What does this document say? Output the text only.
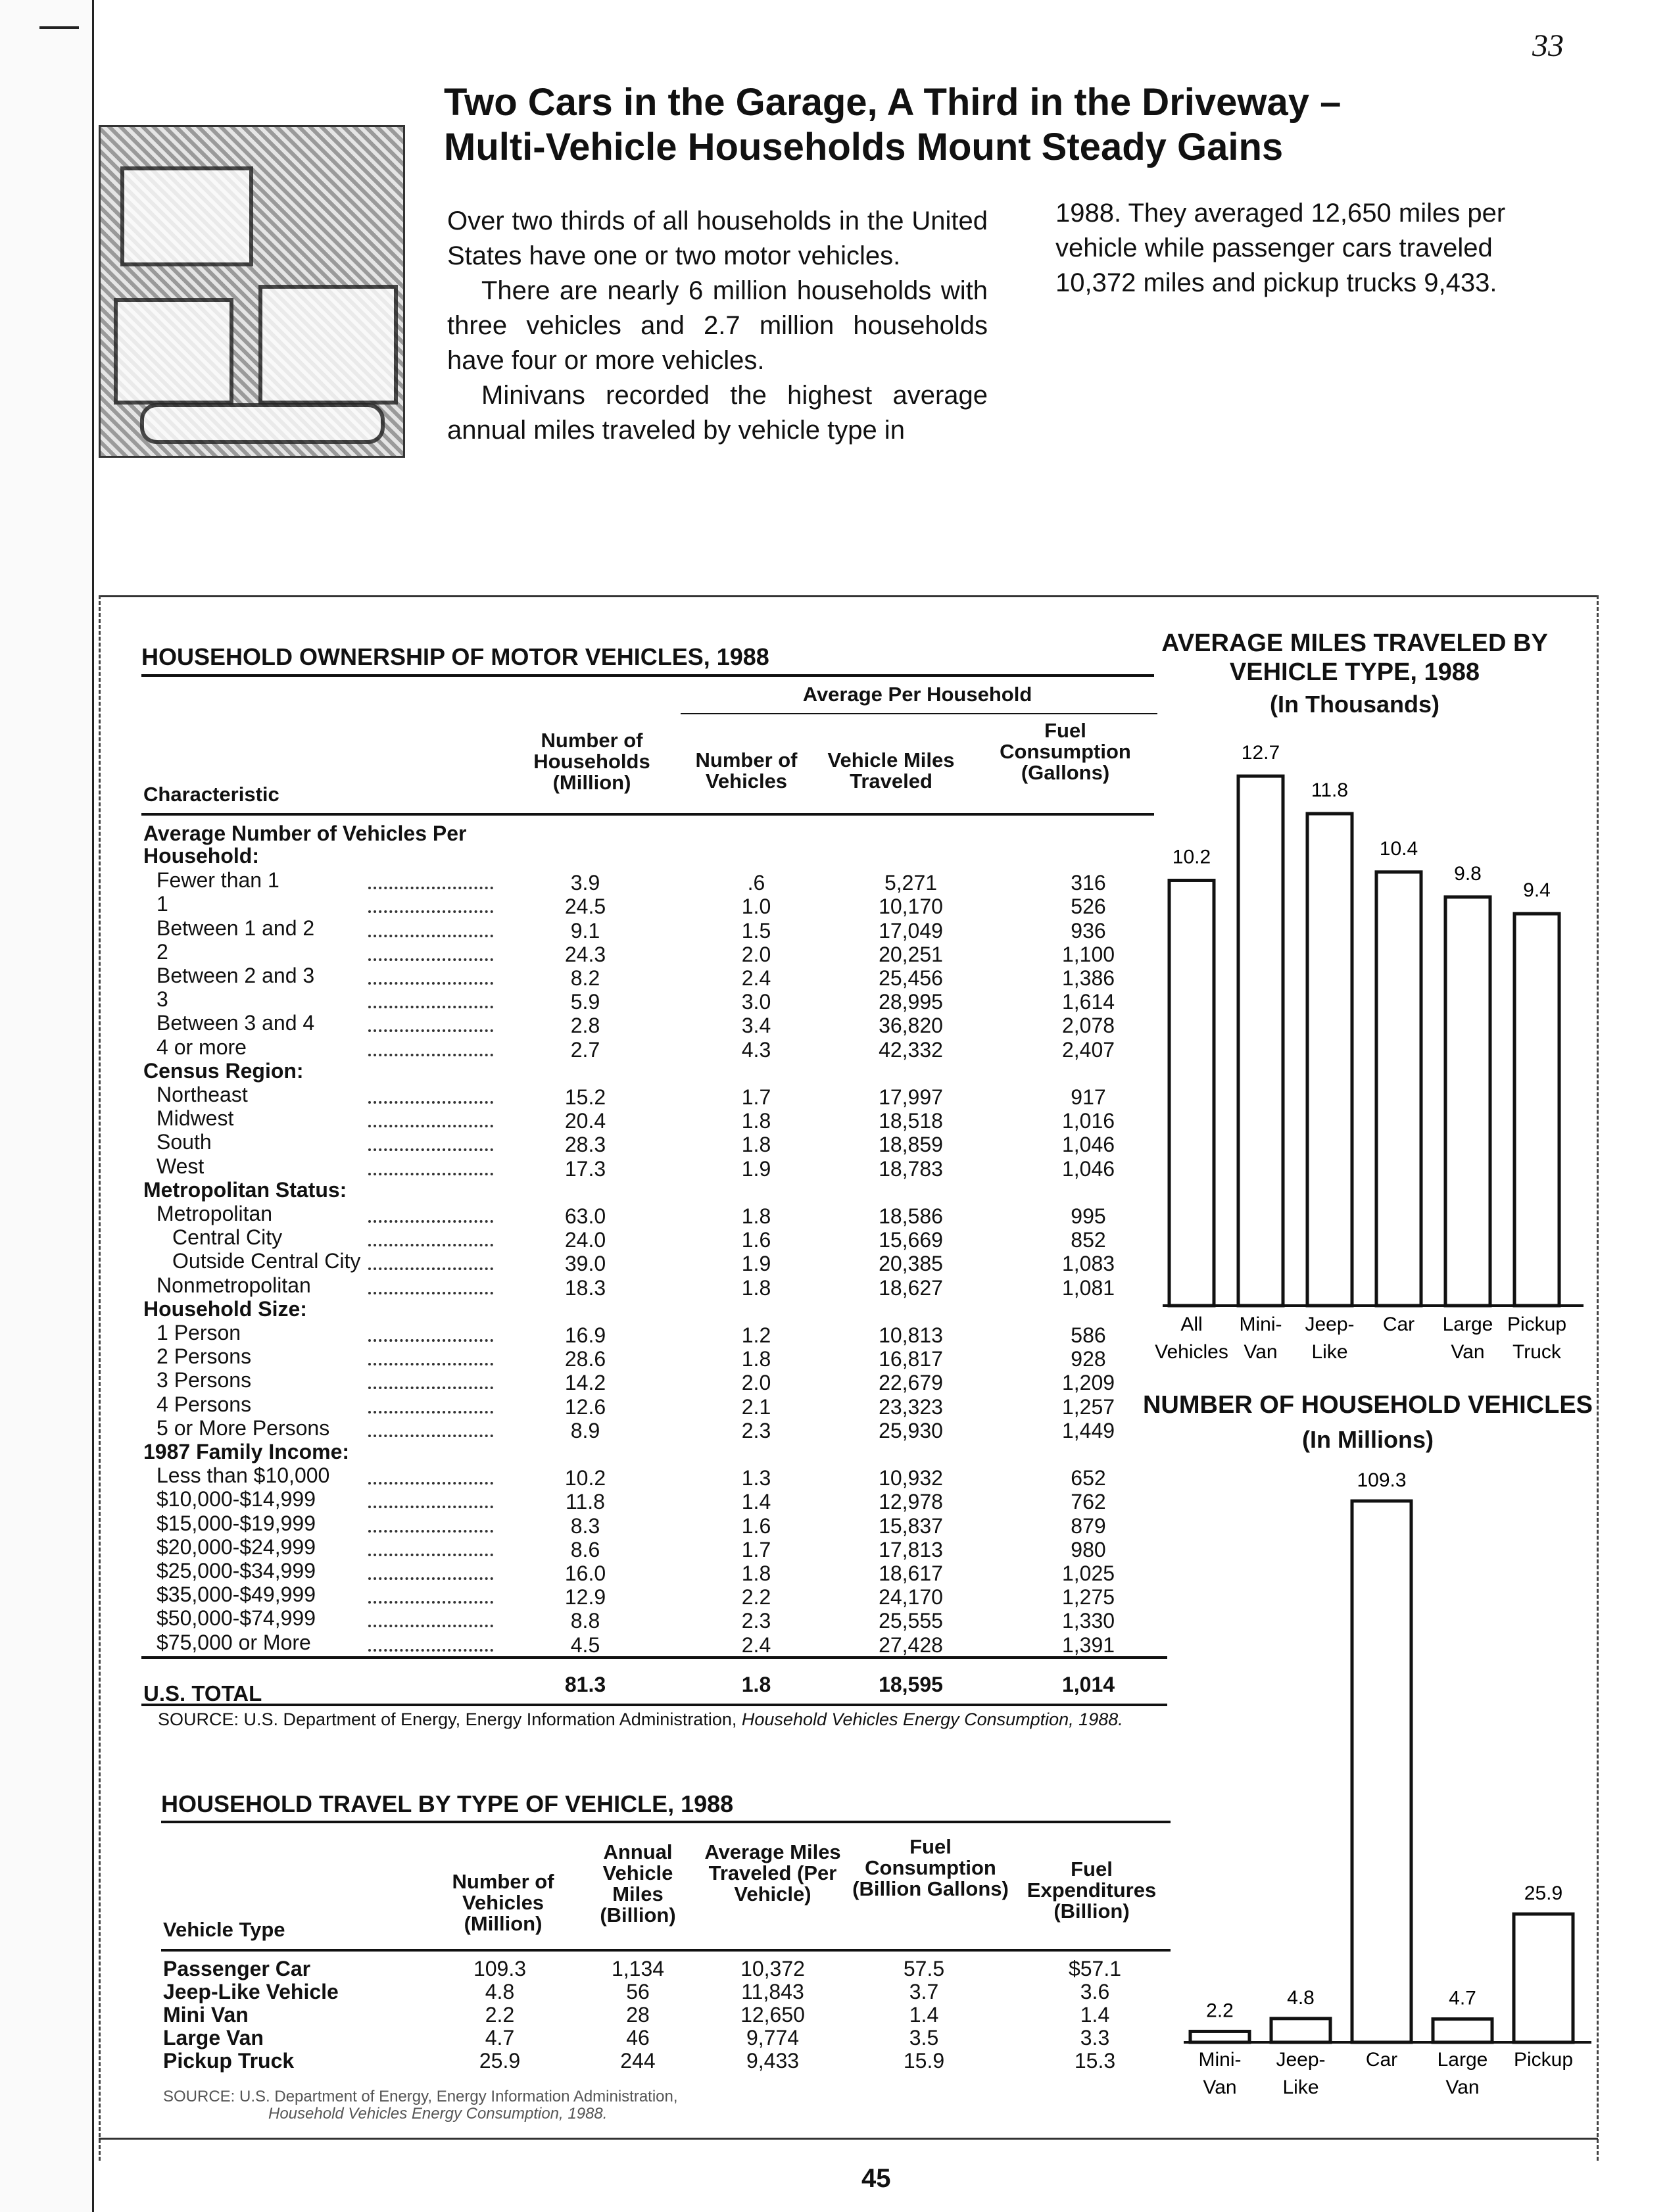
33
Two Cars in the Garage, A Third in the Driveway –
Multi-Vehicle Households Mount Steady Gains

Over two thirds of all households in the United States have one or two motor vehicles.

There are nearly 6 million households with three vehicles and 2.7 million households have four or more vehicles.

Minivans recorded the highest average annual miles traveled by vehicle type in

HOUSEHOLD OWNERSHIP OF MOTOR VEHICLES, 1988
Average Per Household
Number of Households (Million)
Number of Vehicles
Vehicle Miles Traveled
Fuel Consumption (Gallons)
Characteristic
Average Number of Vehicles Per Household:
Fewer than 1	3.9	.6	5,271	316
1	24.5	1.0	10,170	526
Between 1 and 2	9.1	1.5	17,049	936
2	24.3	2.0	20,251	1,100
Between 2 and 3	8.2	2.4	25,456	1,386
3	5.9	3.0	28,995	1,614
Between 3 and 4	2.8	3.4	36,820	2,078
4 or more	2.7	4.3	42,332	2,407
Census Region:
Northeast	15.2	1.7	17,997	917
Midwest	20.4	1.8	18,518	1,016
South	28.3	1.8	18,859	1,046
West	17.3	1.9	18,783	1,046
Metropolitan Status:
Metropolitan	63.0	1.8	18,586	995
Central City	24.0	1.6	15,669	852
Outside Central City	39.0	1.9	20,385	1,083
Nonmetropolitan	18.3	1.8	18,627	1,081
Household Size:
1 Person	16.9	1.2	10,813	586
2 Persons	28.6	1.8	16,817	928
3 Persons	14.2	2.0	22,679	1,209
4 Persons	12.6	2.1	23,323	1,257
5 or More Persons	8.9	2.3	25,930	1,449
1987 Family Income:
Less than $10,000	10.2	1.3	10,932	652
$10,000-$14,999	11.8	1.4	12,978	762
$15,000-$19,999	8.3	1.6	15,837	879
$20,000-$24,999	8.6	1.7	17,813	980
$25,000-$34,999	16.0	1.8	18,617	1,025
$35,000-$49,999	12.9	2.2	24,170	1,275
$50,000-$74,999	8.8	2.3	25,555	1,330
$75,000 or More	4.5	2.4	27,428	1,391
U.S. TOTAL	81.3	1.8	18,595	1,014
SOURCE: U.S. Department of Energy, Energy Information Administration, Household Vehicles Energy Consumption, 1988.
HOUSEHOLD TRAVEL BY TYPE OF VEHICLE, 1988
Number of Vehicles (Million)
Annual Vehicle Miles (Billion)
Average Miles Traveled (Per Vehicle)
Fuel Consumption (Billion Gallons)
Fuel Expenditures (Billion)
Vehicle Type
Passenger Car	109.3	1,134	10,372	57.5	$57.1
Jeep-Like Vehicle	4.8	56	11,843	3.7	3.6
Mini Van	2.2	28	12,650	1.4	1.4
Large Van	4.7	46	9,774	3.5	3.3
Pickup Truck	25.9	244	9,433	15.9	15.3
SOURCE: U.S. Department of Energy, Energy Information Administration,
Household Vehicles Energy Consumption, 1988.
AVERAGE MILES TRAVELED BY VEHICLE TYPE, 1988
(In Thousands)
10.2
All Vehicles
12.7
Mini-Van
11.8
Jeep-Like
10.4
Car
9.8
Large Van
9.4
Pickup Truck
NUMBER OF HOUSEHOLD VEHICLES
(In Millions)
2.2
Mini-Van
4.8
Jeep-Like
109.3
Car
4.7
Large Van
25.9
Pickup
45

1988. They averaged 12,650 miles per vehicle while passenger cars traveled 10,372 miles and pickup trucks 9,433.
